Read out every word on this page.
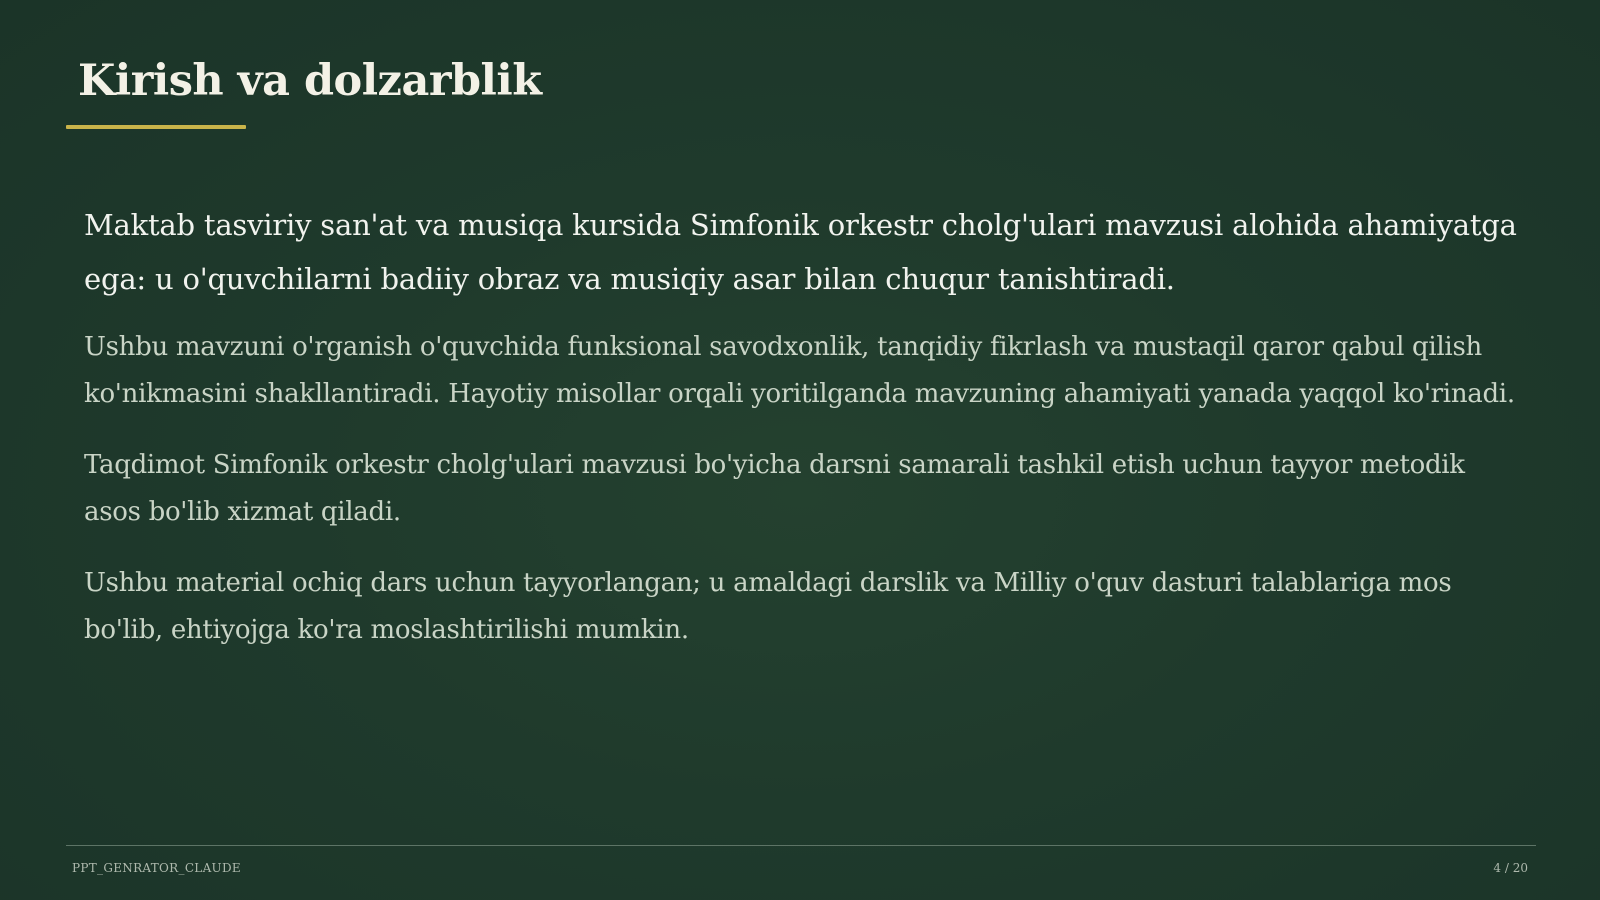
Kirish va dolzarblik

Maktab tasviriy san'at va musiqa kursida Simfonik orkestr cholg'ulari mavzusi alohida ahamiyatga ega: u o'quvchilarni badiiy obraz va musiqiy asar bilan chuqur tanishtiradi.

Ushbu mavzuni o'rganish o'quvchida funksional savodxonlik, tanqidiy fikrlash va mustaqil qaror qabul qilish ko'nikmasini shakllantiradi. Hayotiy misollar orqali yoritilganda mavzuning ahamiyati yanada yaqqol ko'rinadi.

Taqdimot Simfonik orkestr cholg'ulari mavzusi bo'yicha darsni samarali tashkil etish uchun tayyor metodik asos bo'lib xizmat qiladi.

Ushbu material ochiq dars uchun tayyorlangan; u amaldagi darslik va Milliy o'quv dasturi talablariga mos bo'lib, ehtiyojga ko'ra moslashtirilishi mumkin.

PPT_GENRATOR_CLAUDE	4 / 20
